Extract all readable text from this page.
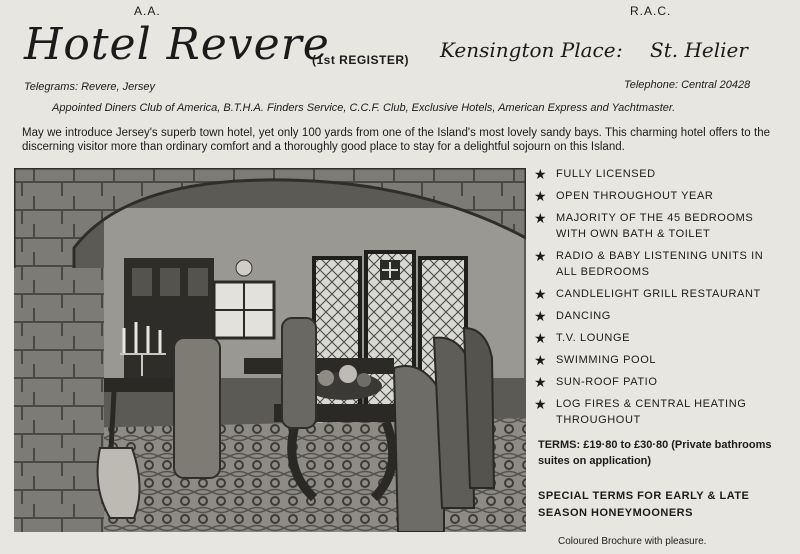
A.A.	R.A.C.
Hotel Revere
(1st REGISTER) Kensington Place : St. Helier
Telegrams: Revere, Jersey	Telephone: Central 20428
Appointed Diners Club of America, B.T.H.A. Finders Service, C.C.F. Club, Exclusive Hotels, American Express and Yachtmaster.
May we introduce Jersey's superb town hotel, yet only 100 yards from one of the Island's most lovely sandy bays. This charming hotel offers to the discerning visitor more than ordinary comfort and a thoroughly good place to stay for a delightful sojourn on this Island.
★ FULLY LICENSED
★ OPEN THROUGHOUT YEAR
★ MAJORITY OF THE 45 BEDROOMS WITH OWN BATH & TOILET
★ RADIO & BABY LISTENING UNITS IN ALL BEDROOMS
★ CANDLELIGHT GRILL RESTAURANT
★ DANCING
★ T.V. LOUNGE
★ SWIMMING POOL
★ SUN-ROOF PATIO
★ LOG FIRES & CENTRAL HEATING THROUGHOUT
TERMS: £19·80 to £30·80 (Private bathrooms suites on application)
SPECIAL TERMS FOR EARLY & LATE SEASON HONEYMOONERS
Coloured Brochure with pleasure.
